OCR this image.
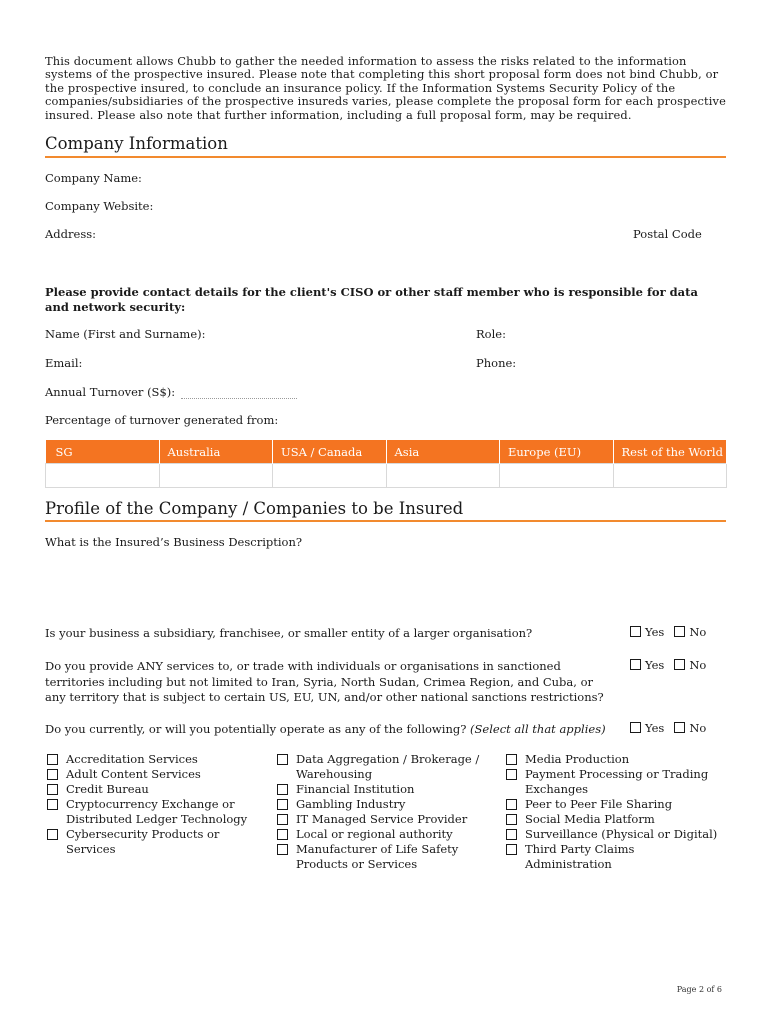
This document allows Chubb to gather the needed information to assess the risks related to the information systems of the prospective insured. Please note that completing this short proposal form does not bind Chubb, or the prospective insured, to conclude an insurance policy. If the Information Systems Security Policy of the companies/subsidiaries of the prospective insureds varies, please complete the proposal form for each prospective insured. Please also note that further information, including a full proposal form, may be required.
Company Information
Company Name:
Company Website:
Address:	Postal Code
Please provide contact details for the client's CISO or other staff member who is responsible for data and network security:
Name (First and Surname):	Role:
Email:	Phone:
Annual Turnover (S$):
Percentage of turnover generated from:
SG	Australia	USA / Canada	Asia	Europe (EU)	Rest of the World

Profile of the Company / Companies to be Insured
What is the Insured’s Business Description?
Is your business a subsidiary, franchisee, or smaller entity of a larger organisation?	Yes No
Do you provide ANY services to, or trade with individuals or organisations in sanctioned territories including but not limited to Iran, Syria, North Sudan, Crimea Region, and Cuba, or any territory that is subject to certain US, EU, UN, and/or other national sanctions restrictions?
Yes No
Do you currently, or will you potentially operate as any of the following? (Select all that applies)	Yes No
Accreditation Services
Adult Content Services
Credit Bureau
Cryptocurrency Exchange or Distributed Ledger Technology
Cybersecurity Products or Services
Data Aggregation / Brokerage / Warehousing
Financial Institution
Gambling Industry
IT Managed Service Provider
Local or regional authority
Manufacturer of Life Safety Products or Services
Media Production
Payment Processing or Trading Exchanges
Peer to Peer File Sharing
Social Media Platform
Surveillance (Physical or Digital)
Third Party Claims Administration
Page 2 of 6
